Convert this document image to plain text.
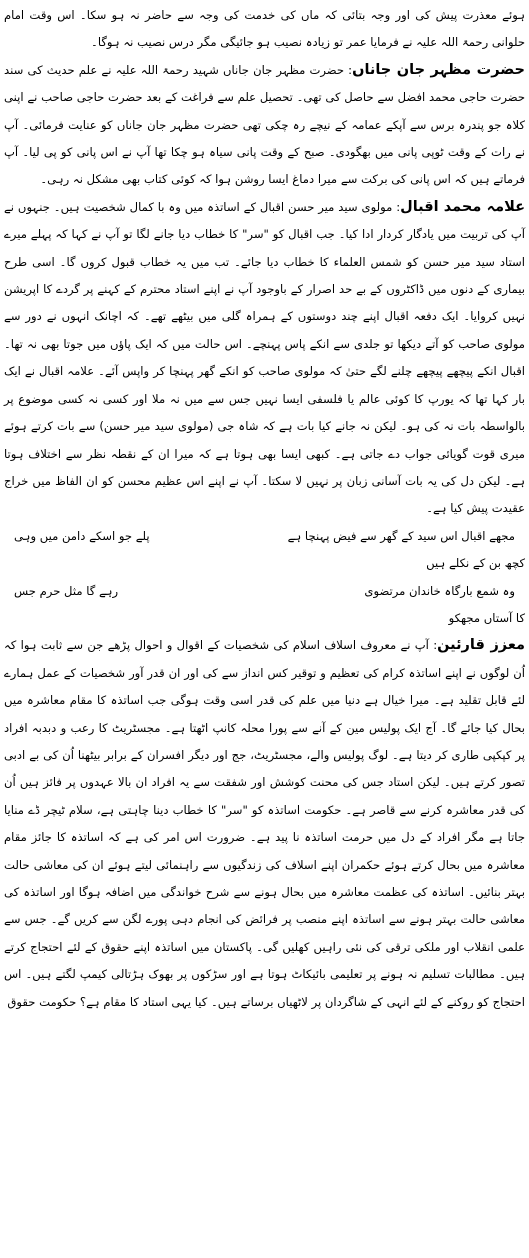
ہوئے معذرت پیش کی اور وجہ بتائی کہ ماں کی خدمت کی وجہ سے حاضر نہ ہو سکا۔ اس وقت امام حلوانی رحمۃ اللہ علیہ نے فرمایا عمر تو زیادہ نصیب ہو جائیگی مگر درس نصیب نہ ہوگا۔

حضرت مظہر جان جاناں: حضرت مظہر جان جاناں شہید رحمۃ اللہ علیہ نے علم حدیث کی سند حضرت حاجی محمد افضل سے حاصل کی تھی۔ تحصیل علم سے فراغت کے بعد حضرت حاجی صاحب نے اپنی کلاہ جو پندرہ برس سے آپکے عمامہ کے نیچے رہ چکی تھی حضرت مظہر جان جاناں کو عنایت فرمائی۔ آپ نے رات کے وقت ٹوپی پانی میں بھگودی۔ صبح کے وقت پانی سیاہ ہو چکا تھا آپ نے اس پانی کو پی لیا۔ آپ فرماتے ہیں کہ اس پانی کی برکت سے میرا دماغ ایسا روشن ہوا کہ کوئی کتاب بھی مشکل نہ رہی۔

علامہ محمد اقبال: مولوی سید میر حسن اقبال کے اساتذہ میں وہ با کمال شخصیت ہیں۔ جنہوں نے آپ کی تربیت میں یادگار کردار ادا کیا۔ جب اقبال کو "سر" کا خطاب دیا جانے لگا تو آپ نے کہا کہ پہلے میرے استاد سید میر حسن کو شمس العلماء کا خطاب دیا جائے۔ تب میں یہ خطاب قبول کروں گا۔ اسی طرح بیماری کے دنوں میں ڈاکٹروں کے بے حد اصرار کے باوجود آپ نے اپنے استاد محترم کے کہنے پر گردے کا اپریشن نہیں کروایا۔ ایک دفعہ اقبال اپنے چند دوستوں کے ہمراہ گلی میں بیٹھے تھے۔ کہ اچانک انہوں نے دور سے مولوی صاحب کو آتے دیکھا تو جلدی سے انکے پاس پہنچے۔ اس حالت میں کہ ایک پاؤں میں جوتا بھی نہ تھا۔ اقبال انکے پیچھے پیچھے چلنے لگے حتیٰ کہ مولوی صاحب کو انکے گھر پہنچا کر واپس آئے۔ علامہ اقبال نے ایک بار کہا تھا کہ یورپ کا کوئی عالم یا فلسفی ایسا نہیں جس سے میں نہ ملا اور کسی نہ کسی موضوع پر بالواسطہ بات نہ کی ہو۔ لیکن نہ جانے کیا بات ہے کہ شاہ جی (مولوی سید میر حسن) سے بات کرتے ہوئے میری قوت گویائی جواب دے جاتی ہے۔ کبھی ایسا بھی ہوتا ہے کہ میرا ان کے نقطہ نظر سے اختلاف ہوتا ہے۔ لیکن دل کی یہ بات آسانی زبان پر نہیں لا سکتا۔ آپ نے اپنے اس عظیم محسن کو ان الفاظ میں خراج عقیدت پیش کیا ہے۔

مجھے اقبال اس سید کے گھر سے فیض پہنچا ہے
پلے جو اسکے دامن میں وہی
کچھ بن کے نکلے ہیں
وہ شمع بارگاہ خاندان مرتضوی
رہے گا مثل حرم جس
کا آستاں مجھکو

معزز قارئین: آپ نے معروف اسلاف اسلام کی شخصیات کے اقوال و احوال پڑھے جن سے ثابت ہوا کہ اُن لوگوں نے اپنے اساتذہ کرام کی تعظیم و توقیر کس انداز سے کی اور ان قدر آور شخصیات کے عمل ہمارے لئے قابل تقلید ہے۔ میرا خیال ہے دنیا میں علم کی قدر اسی وقت ہوگی جب اساتذہ کا مقام معاشرہ میں بحال کیا جائے گا۔ آج ایک پولیس مین کے آنے سے پورا محلہ کانپ اٹھتا ہے۔ مجسٹریٹ کا رعب و دبدبہ افراد پر کپکپی طاری کر دیتا ہے۔ لوگ پولیس والے، مجسٹریٹ، جج اور دیگر افسران کے برابر بیٹھنا اُن کی بے ادبی تصور کرتے ہیں۔ لیکن استاد جس کی محنت کوشش اور شفقت سے یہ افراد ان بالا عہدوں پر فائز ہیں اُن کی قدر معاشرہ کرنے سے قاصر ہے۔ حکومت اساتذہ کو "سر" کا خطاب دینا چاہتی ہے، سلام ٹیچر ڈے منایا جاتا ہے مگر افراد کے دل میں حرمت اساتذہ نا پید ہے۔ ضرورت اس امر کی ہے کہ اساتذہ کا جائز مقام معاشرہ میں بحال کرتے ہوئے حکمران اپنے اسلاف کی زندگیوں سے راہنمائی لیتے ہوئے ان کی معاشی حالت بہتر بنائیں۔ اساتذہ کی عظمت معاشرہ میں بحال ہونے سے شرح خواندگی میں اضافہ ہوگا اور اساتذہ کی معاشی حالت بہتر ہونے سے اساتذہ اپنے منصب پر فرائض کی انجام دہی پورے لگن سے کریں گے۔ جس سے علمی انقلاب اور ملکی ترقی کی نئی راہیں کھلیں گی۔ پاکستان میں اساتذہ اپنے حقوق کے لئے احتجاج کرتے ہیں۔ مطالبات تسلیم نہ ہونے پر تعلیمی بائیکاٹ ہوتا ہے اور سڑکوں پر بھوک ہڑتالی کیمپ لگتے ہیں۔ اس احتجاج کو روکنے کے لئے انہی کے شاگردان پر لاٹھیاں برساتے ہیں۔ کیا یہی استاد کا مقام ہے؟ حکومت حقوق
